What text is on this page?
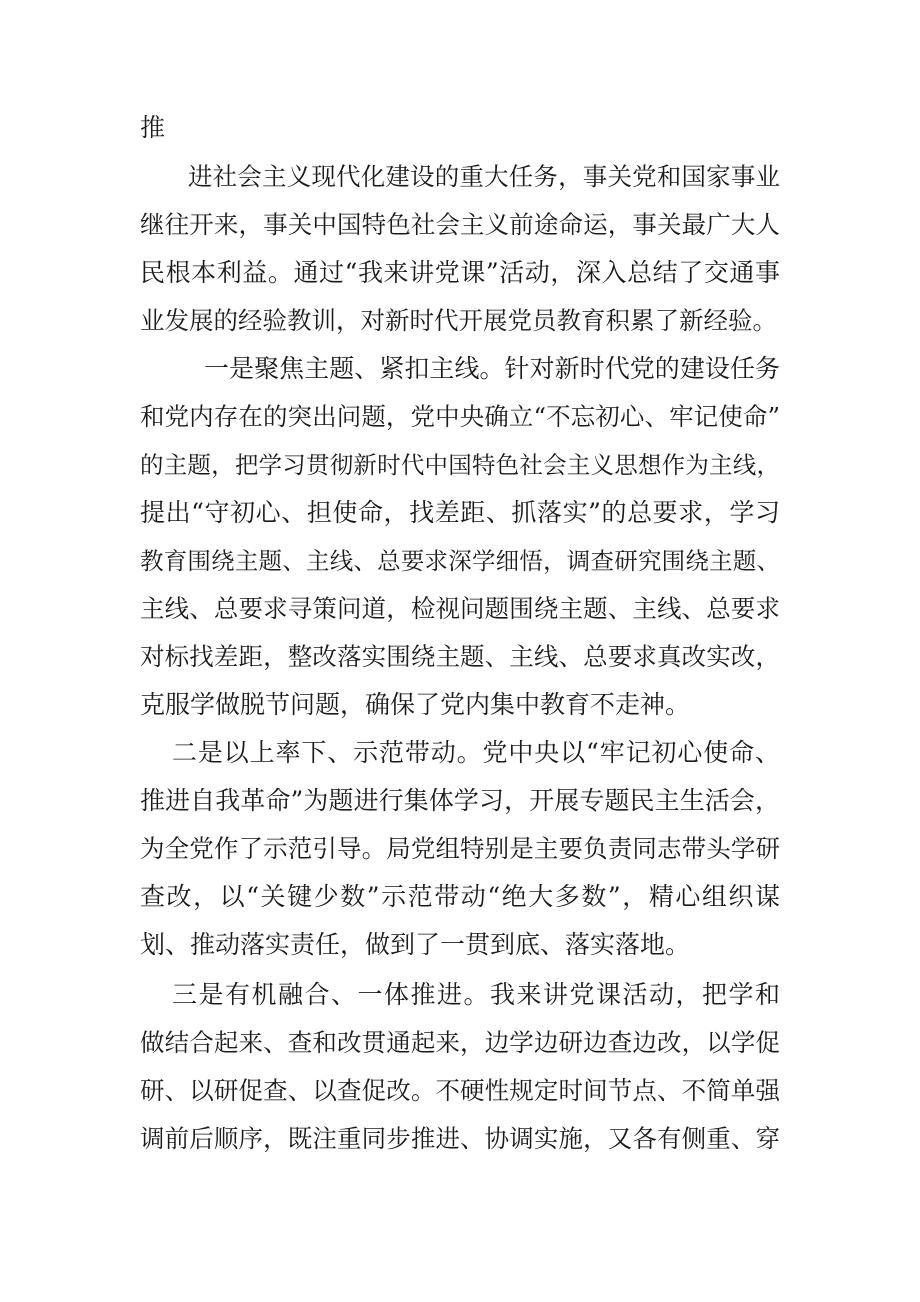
推
进社会主义现代化建设的重大任务，事关党和国家事业
继往开来，事关中国特色社会主义前途命运，事关最广大人
民根本利益。通过“我来讲党课”活动，深入总结了交通事
业发展的经验教训，对新时代开展党员教育积累了新经验。
一是聚焦主题、紧扣主线。针对新时代党的建设任务
和党内存在的突出问题，党中央确立“不忘初心、牢记使命”
的主题，把学习贯彻新时代中国特色社会主义思想作为主线，
提出“守初心、担使命，找差距、抓落实”的总要求，学习
教育围绕主题、主线、总要求深学细悟，调查研究围绕主题、
主线、总要求寻策问道，检视问题围绕主题、主线、总要求
对标找差距，整改落实围绕主题、主线、总要求真改实改，
克服学做脱节问题，确保了党内集中教育不走神。
二是以上率下、示范带动。党中央以“牢记初心使命、
推进自我革命”为题进行集体学习，开展专题民主生活会，
为全党作了示范引导。局党组特别是主要负责同志带头学研
查改，以“关键少数”示范带动“绝大多数”，精心组织谋
划、推动落实责任，做到了一贯到底、落实落地。
三是有机融合、一体推进。我来讲党课活动，把学和
做结合起来、查和改贯通起来，边学边研边查边改，以学促
研、以研促查、以查促改。不硬性规定时间节点、不简单强
调前后顺序，既注重同步推进、协调实施，又各有侧重、穿
